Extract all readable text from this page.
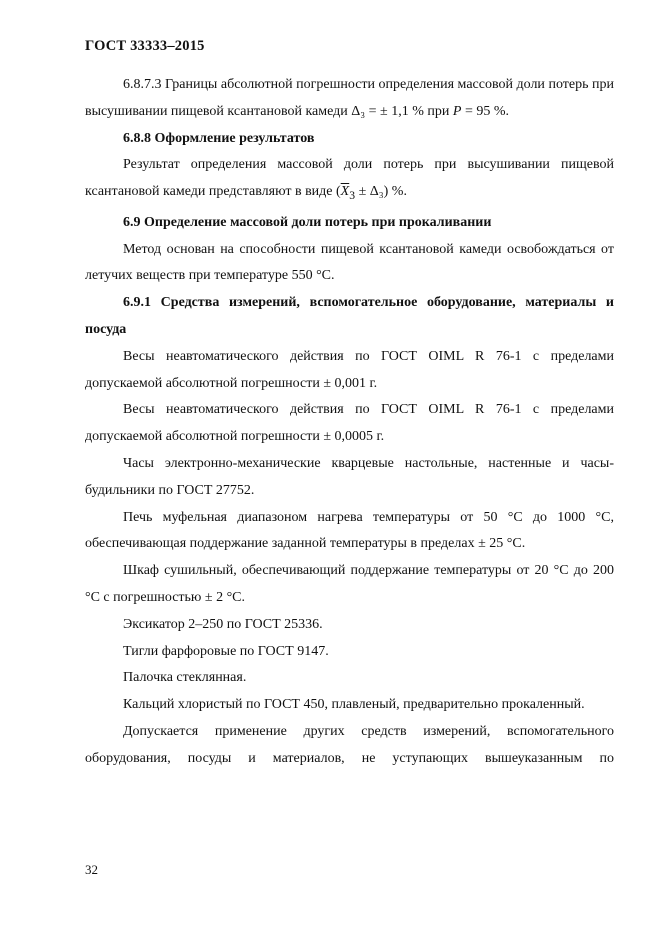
ГОСТ 33333–2015

6.8.7.3 Границы абсолютной погрешности определения массовой доли потерь при высушивании пищевой ксантановой камеди Δ₃ = ± 1,1 % при P = 95 %.

6.8.8 Оформление результатов

Результат определения массовой доли потерь при высушивании пищевой ксантановой камеди представляют в виде $(\overline{X}_3 \pm \Delta_3)$ %.

6.9 Определение массовой доли потерь при прокаливании

Метод основан на способности пищевой ксантановой камеди освобождаться от летучих веществ при температуре 550 °С.

6.9.1 Средства измерений, вспомогательное оборудование, материалы и посуда

Весы неавтоматического действия по ГОСТ OIML R 76-1 с пределами допускаемой абсолютной погрешности ± 0,001 г.

Весы неавтоматического действия по ГОСТ OIML R 76-1 с пределами допускаемой абсолютной погрешности ± 0,0005 г.

Часы электронно-механические кварцевые настольные, настенные и часы-будильники по ГОСТ 27752.

Печь муфельная диапазоном нагрева температуры от 50 °С до 1000 °С, обеспечивающая поддержание заданной температуры в пределах ± 25 °С.

Шкаф сушильный, обеспечивающий поддержание температуры от 20 °С до 200 °С с погрешностью ± 2 °С.

Эксикатор 2–250 по ГОСТ 25336.

Тигли фарфоровые по ГОСТ 9147.

Палочка стеклянная.

Кальций хлористый по ГОСТ 450, плавленый, предварительно прокаленный.

Допускается применение других средств измерений, вспомогательного оборудования, посуды и материалов, не уступающих вышеуказанным по

32
